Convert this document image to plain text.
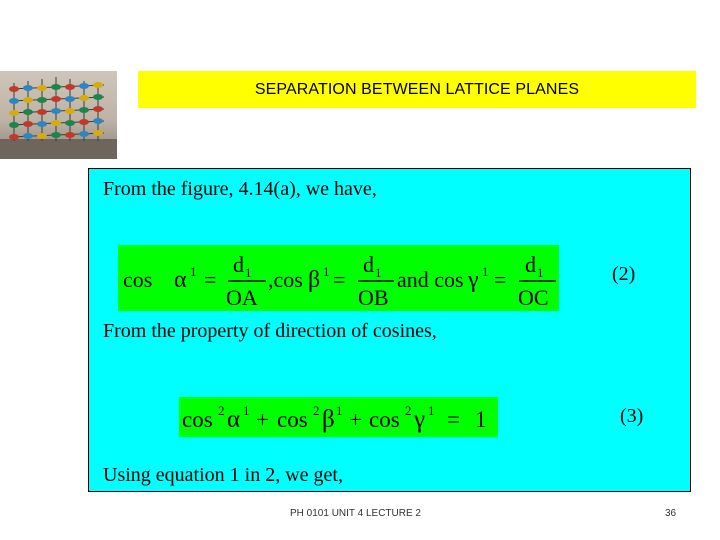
SEPARATION BETWEEN LATTICE PLANES
From the figure, 4.14(a), we have,
cos α 1 =
d 1
OA
,cos β 1 =
d 1
OB
and cos γ 1 =
d 1
OC
(2)
From the property of direction of cosines,
cos 2 α 1 + cos 2 β 1 + cos 2 γ 1 = 1	(3)
Using equation 1 in 2, we get,
PH 0101 UNIT 4 LECTURE 2	36
